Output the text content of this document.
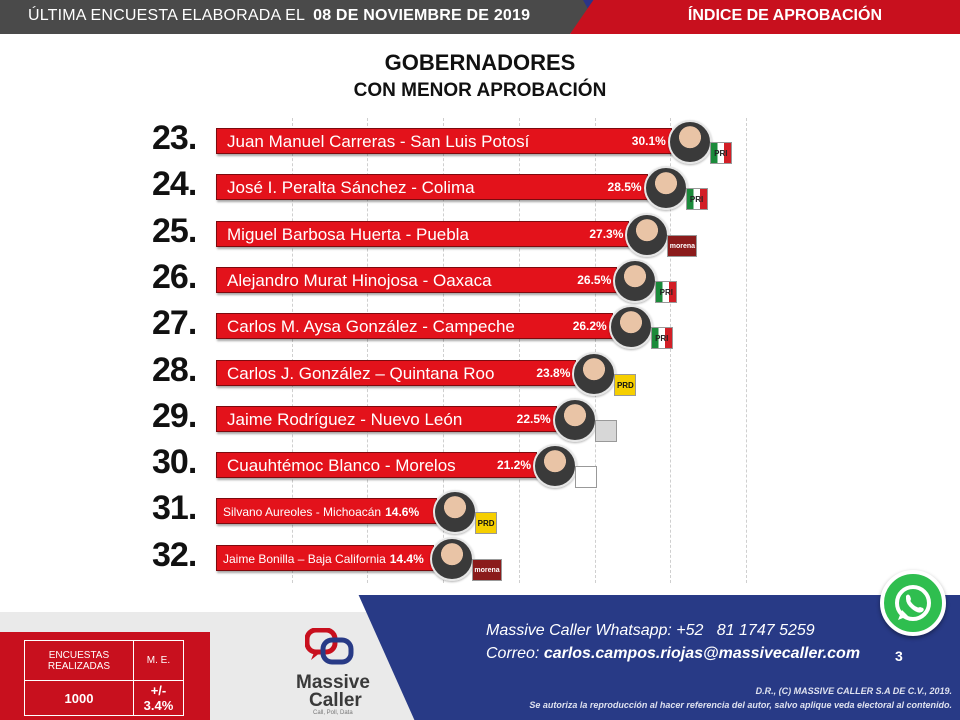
ÚLTIMA ENCUESTA ELABORADA EL 08 DE NOVIEMBRE DE 2019	ÍNDICE DE APROBACIÓN
GOBERNADORES
CON MENOR APROBACIÓN
23. Juan Manuel Carreras - San Luis Potosí	30.1%
PRI
24. José I. Peralta Sánchez - Colima	28.5%
PRI
25. Miguel Barbosa Huerta - Puebla	27.3%
morena
26. Alejandro Murat Hinojosa - Oaxaca	26.5%
PRI
27. Carlos M. Aysa González - Campeche	26.2%
PRI
28. Carlos J. González – Quintana Roo	23.8%
PRD
29. Jaime Rodríguez - Nuevo León	22.5%
30. Cuauhtémoc Blanco - Morelos	21.2%
31. Silvano Aureoles - Michoacán 14.6%
PRD
32. Jaime Bonilla – Baja California 14.4%
morena
ENCUESTAS REALIZADAS	M. E.
1000	+/- 3.4%
Massive
Caller
Call, Poll, Data
Massive Caller Whatsapp: +52 81 1747 5259
Correo: carlos.campos.riojas@massivecaller.com 3
D.R., (C) MASSIVE CALLER S.A DE C.V., 2019.
Se autoriza la reproducción al hacer referencia del autor, salvo aplique veda electoral al contenido.
